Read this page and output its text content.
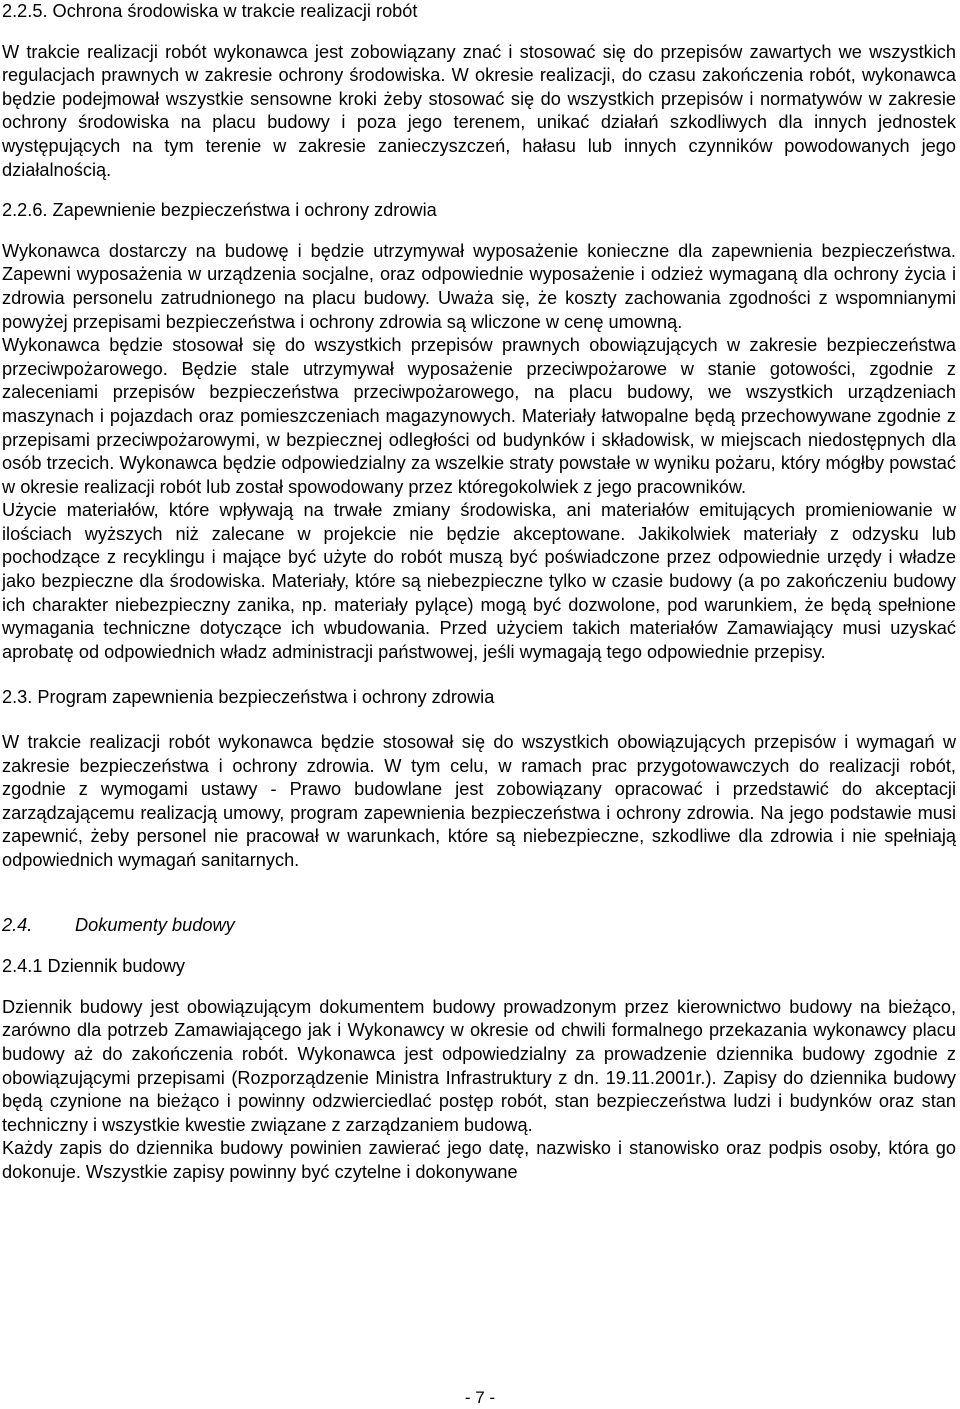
2.2.5. Ochrona środowiska w trakcie realizacji robót

W trakcie realizacji robót wykonawca jest zobowiązany znać i stosować się do przepisów zawartych we wszystkich regulacjach prawnych w zakresie ochrony środowiska. W okresie realizacji, do czasu zakończenia robót, wykonawca będzie podejmował wszystkie sensowne kroki żeby stosować się do wszystkich przepisów i normatywów w zakresie ochrony środowiska na placu budowy i poza jego terenem, unikać działań szkodliwych dla innych jednostek występujących na tym terenie w zakresie zanieczyszczeń, hałasu lub innych czynników powodowanych jego działalnością.

2.2.6. Zapewnienie bezpieczeństwa i ochrony zdrowia

Wykonawca dostarczy na budowę i będzie utrzymywał wyposażenie konieczne dla zapewnienia bezpieczeństwa. Zapewni wyposażenia w urządzenia socjalne, oraz odpowiednie wyposażenie i odzież wymaganą dla ochrony życia i zdrowia personelu zatrudnionego na placu budowy. Uważa się, że koszty zachowania zgodności z wspomnianymi powyżej przepisami bezpieczeństwa i ochrony zdrowia są wliczone w cenę umowną.

Wykonawca będzie stosował się do wszystkich przepisów prawnych obowiązujących w zakresie bezpieczeństwa przeciwpożarowego. Będzie stale utrzymywał wyposażenie przeciwpożarowe w stanie gotowości, zgodnie z zaleceniami przepisów bezpieczeństwa przeciwpożarowego, na placu budowy, we wszystkich urządzeniach maszynach i pojazdach oraz pomieszczeniach magazynowych. Materiały łatwopalne będą przechowywane zgodnie z przepisami przeciwpożarowymi, w bezpiecznej odległości od budynków i składowisk, w miejscach niedostępnych dla osób trzecich. Wykonawca będzie odpowiedzialny za wszelkie straty powstałe w wyniku pożaru, który mógłby powstać w okresie realizacji robót lub został spowodowany przez któregokolwiek z jego pracowników.

Użycie materiałów, które wpływają na trwałe zmiany środowiska, ani materiałów emitujących promieniowanie w ilościach wyższych niż zalecane w projekcie nie będzie akceptowane. Jakikolwiek materiały z odzysku lub pochodzące z recyklingu i mające być użyte do robót muszą być poświadczone przez odpowiednie urzędy i władze jako bezpieczne dla środowiska. Materiały, które są niebezpieczne tylko w czasie budowy (a po zakończeniu budowy ich charakter niebezpieczny zanika, np. materiały pylące) mogą być dozwolone, pod warunkiem, że będą spełnione wymagania techniczne dotyczące ich wbudowania. Przed użyciem takich materiałów Zamawiający musi uzyskać aprobatę od odpowiednich władz administracji państwowej, jeśli wymagają tego odpowiednie przepisy.

2.3. Program zapewnienia bezpieczeństwa i ochrony zdrowia

W trakcie realizacji robót wykonawca będzie stosował się do wszystkich obowiązujących przepisów i wymagań w zakresie bezpieczeństwa i ochrony zdrowia. W tym celu, w ramach prac przygotowawczych do realizacji robót, zgodnie z wymogami ustawy - Prawo budowlane jest zobowiązany opracować i przedstawić do akceptacji zarządzającemu realizacją umowy, program zapewnienia bezpieczeństwa i ochrony zdrowia. Na jego podstawie musi zapewnić, żeby personel nie pracował w warunkach, które są niebezpieczne, szkodliwe dla zdrowia i nie spełniają odpowiednich wymagań sanitarnych.

2.4. Dokumenty budowy
2.4.1 Dziennik budowy

Dziennik budowy jest obowiązującym dokumentem budowy prowadzonym przez kierownictwo budowy na bieżąco, zarówno dla potrzeb Zamawiającego jak i Wykonawcy w okresie od chwili formalnego przekazania wykonawcy placu budowy aż do zakończenia robót. Wykonawca jest odpowiedzialny za prowadzenie dziennika budowy zgodnie z obowiązującymi przepisami (Rozporządzenie Ministra Infrastruktury z dn. 19.11.2001r.). Zapisy do dziennika budowy będą czynione na bieżąco i powinny odzwierciedlać postęp robót, stan bezpieczeństwa ludzi i budynków oraz stan techniczny i wszystkie kwestie związane z zarządzaniem budową.

Każdy zapis do dziennika budowy powinien zawierać jego datę, nazwisko i stanowisko oraz podpis osoby, która go dokonuje. Wszystkie zapisy powinny być czytelne i dokonywane

- 7 -
